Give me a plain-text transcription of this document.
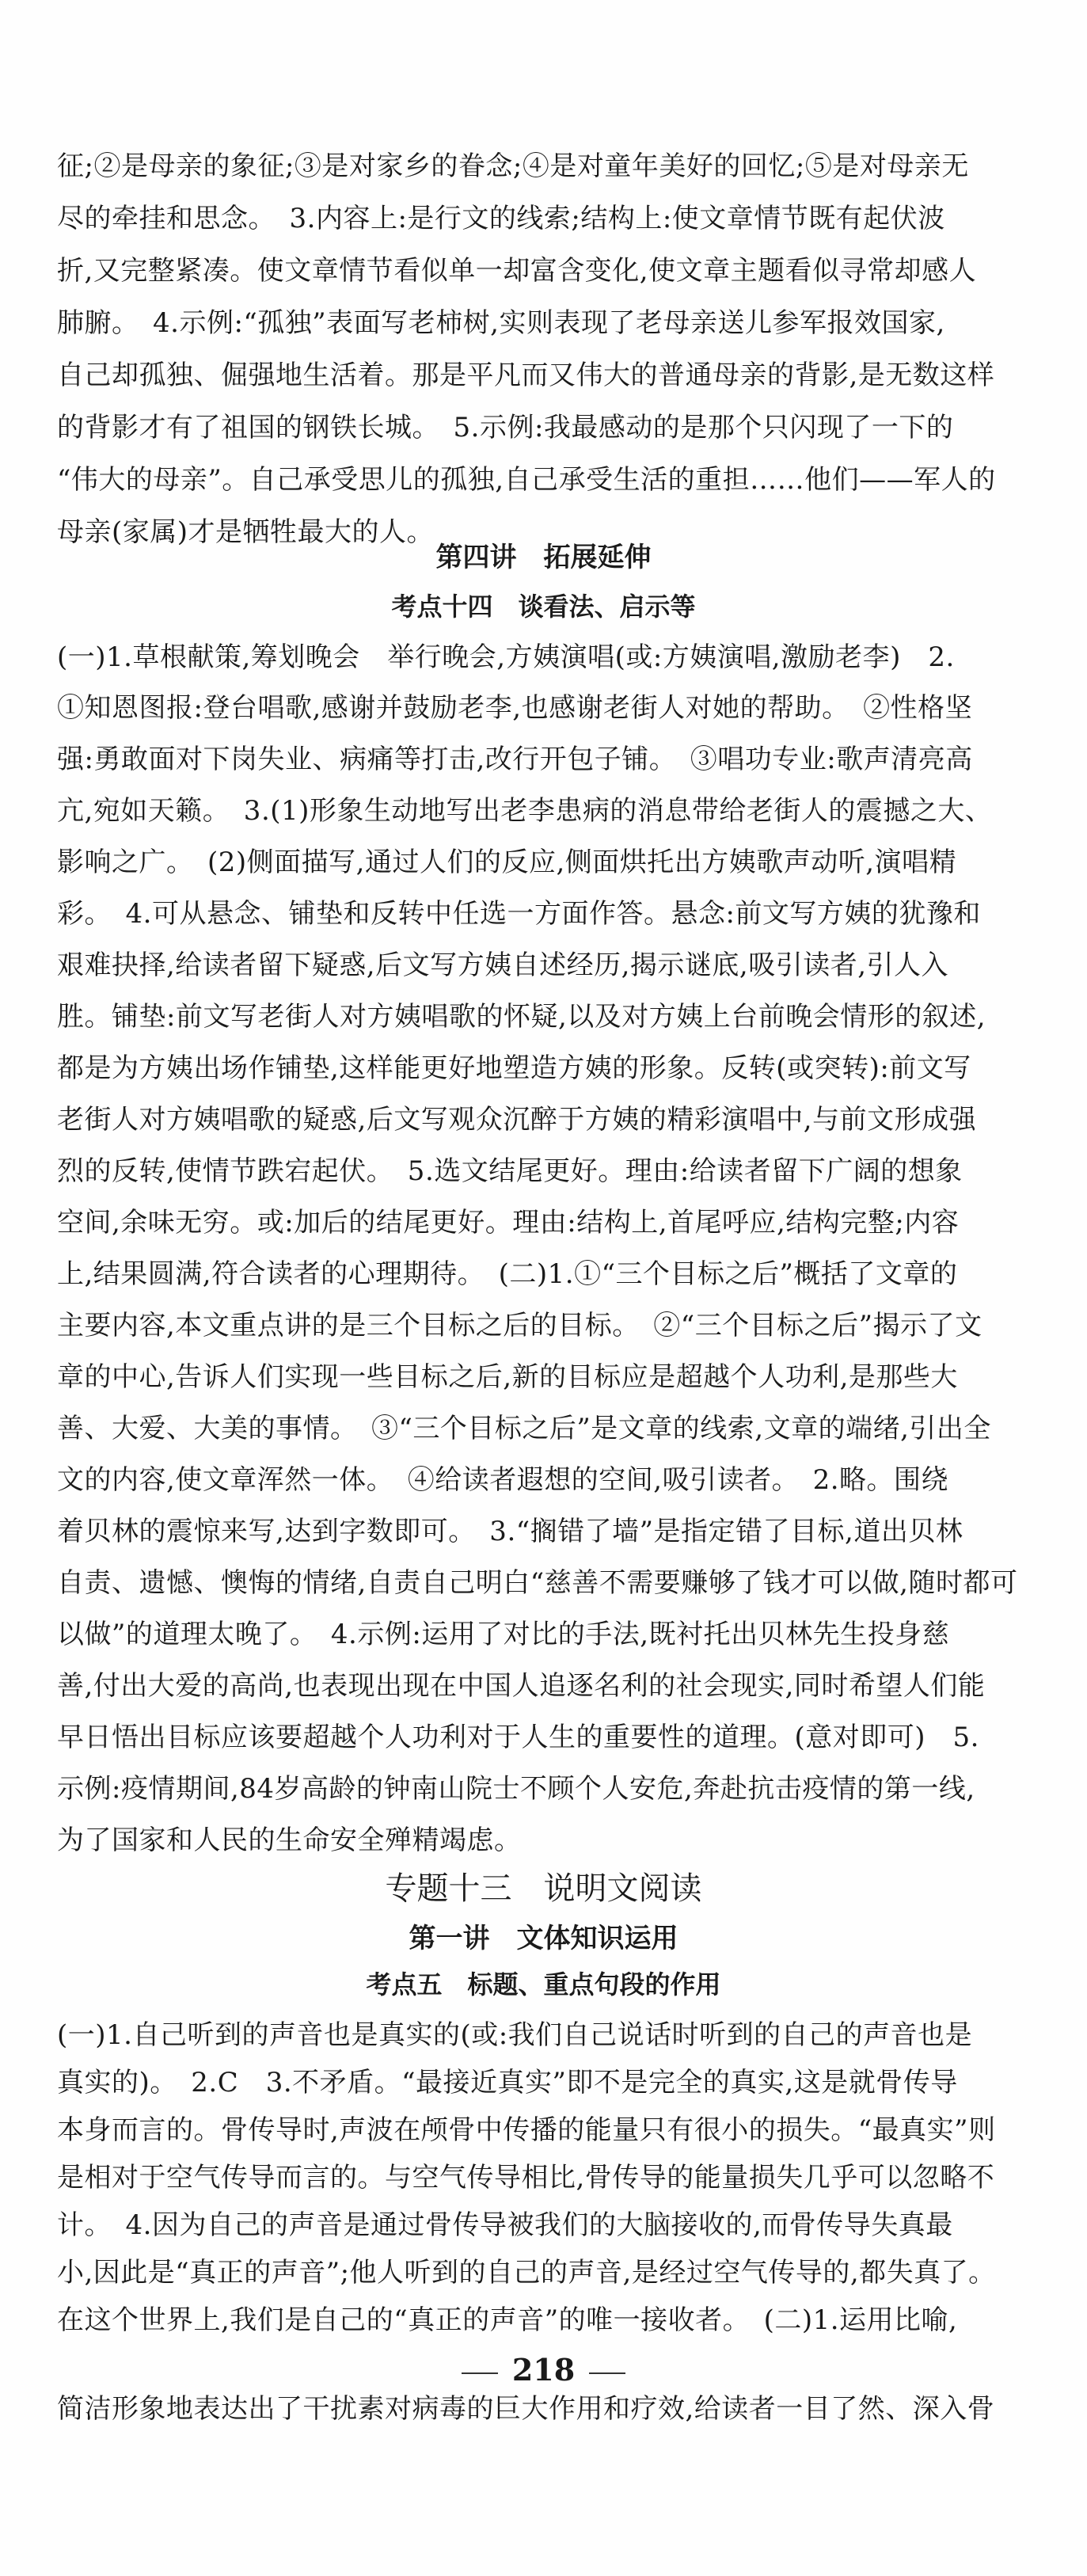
征;②是母亲的象征;③是对家乡的眷念;④是对童年美好的回忆;⑤是对母亲无
尽的牵挂和思念。　3.内容上:是行文的线索;结构上:使文章情节既有起伏波
折,又完整紧凑。使文章情节看似单一却富含变化,使文章主题看似寻常却感人
肺腑。　4.示例:“孤独”表面写老柿树,实则表现了老母亲送儿参军报效国家,
自己却孤独、倔强地生活着。那是平凡而又伟大的普通母亲的背影,是无数这样
的背影才有了祖国的钢铁长城。　5.示例:我最感动的是那个只闪现了一下的
“伟大的母亲”。自己承受思儿的孤独,自己承受生活的重担……他们——军人的
母亲(家属)才是牺牲最大的人。
第四讲　拓展延伸
考点十四　谈看法、启示等
(一)1.草根献策,筹划晚会　举行晚会,方姨演唱(或:方姨演唱,激励老李)　2.
①知恩图报:登台唱歌,感谢并鼓励老李,也感谢老街人对她的帮助。　②性格坚
强:勇敢面对下岗失业、病痛等打击,改行开包子铺。　③唱功专业:歌声清亮高
亢,宛如天籁。　3.(1)形象生动地写出老李患病的消息带给老街人的震撼之大、
影响之广。　(2)侧面描写,通过人们的反应,侧面烘托出方姨歌声动听,演唱精
彩。　4.可从悬念、铺垫和反转中任选一方面作答。悬念:前文写方姨的犹豫和
艰难抉择,给读者留下疑惑,后文写方姨自述经历,揭示谜底,吸引读者,引人入
胜。铺垫:前文写老街人对方姨唱歌的怀疑,以及对方姨上台前晚会情形的叙述,
都是为方姨出场作铺垫,这样能更好地塑造方姨的形象。反转(或突转):前文写
老街人对方姨唱歌的疑惑,后文写观众沉醉于方姨的精彩演唱中,与前文形成强
烈的反转,使情节跌宕起伏。　5.选文结尾更好。理由:给读者留下广阔的想象
空间,余味无穷。或:加后的结尾更好。理由:结构上,首尾呼应,结构完整;内容
上,结果圆满,符合读者的心理期待。　(二)1.①“三个目标之后”概括了文章的
主要内容,本文重点讲的是三个目标之后的目标。　②“三个目标之后”揭示了文
章的中心,告诉人们实现一些目标之后,新的目标应是超越个人功利,是那些大
善、大爱、大美的事情。　③“三个目标之后”是文章的线索,文章的端绪,引出全
文的内容,使文章浑然一体。　④给读者遐想的空间,吸引读者。　2.略。围绕
着贝林的震惊来写,达到字数即可。　3.“搁错了墙”是指定错了目标,道出贝林
自责、遗憾、懊悔的情绪,自责自己明白“慈善不需要赚够了钱才可以做,随时都可
以做”的道理太晚了。　4.示例:运用了对比的手法,既衬托出贝林先生投身慈
善,付出大爱的高尚,也表现出现在中国人追逐名利的社会现实,同时希望人们能
早日悟出目标应该要超越个人功利对于人生的重要性的道理。(意对即可)　5.
示例:疫情期间,84岁高龄的钟南山院士不顾个人安危,奔赴抗击疫情的第一线,
为了国家和人民的生命安全殚精竭虑。
专题十三　说明文阅读
第一讲　文体知识运用
考点五　标题、重点句段的作用
(一)1.自己听到的声音也是真实的(或:我们自己说话时听到的自己的声音也是
真实的)。　2.C　3.不矛盾。“最接近真实”即不是完全的真实,这是就骨传导
本身而言的。骨传导时,声波在颅骨中传播的能量只有很小的损失。“最真实”则
是相对于空气传导而言的。与空气传导相比,骨传导的能量损失几乎可以忽略不
计。　4.因为自己的声音是通过骨传导被我们的大脑接收的,而骨传导失真最
小,因此是“真正的声音”;他人听到的自己的声音,是经过空气传导的,都失真了。
在这个世界上,我们是自己的“真正的声音”的唯一接收者。　(二)1.运用比喻,
218
简洁形象地表达出了干扰素对病毒的巨大作用和疗效,给读者一目了然、深入骨
